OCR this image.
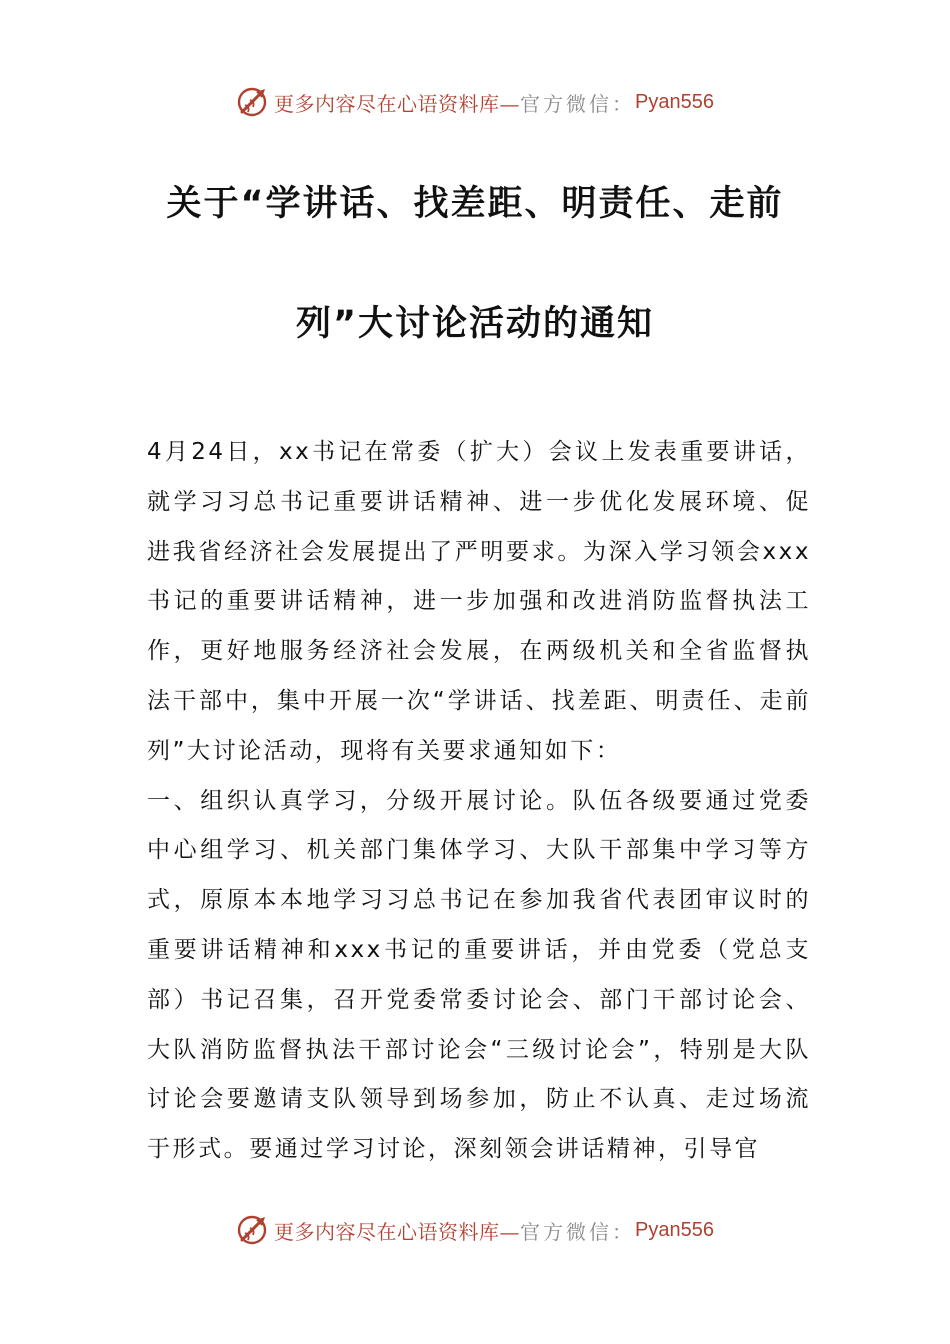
更多内容尽在心语资料库— 官方微信： Pyan556
关于“学讲话、找差距、明责任、走前
列”大讨论活动的通知

4月24日，xx书记在常委（扩大）会议上发表重要讲话，就学习习总书记重要讲话精神、进一步优化发展环境、促进我省经济社会发展提出了严明要求。为深入学习领会xxx书记的重要讲话精神，进一步加强和改进消防监督执法工作，更好地服务经济社会发展，在两级机关和全省监督执法干部中，集中开展一次“学讲话、找差距、明责任、走前列”大讨论活动，现将有关要求通知如下：

一、组织认真学习，分级开展讨论。队伍各级要通过党委中心组学习、机关部门集体学习、大队干部集中学习等方式，原原本本地学习习总书记在参加我省代表团审议时的重要讲话精神和xxx书记的重要讲话，并由党委（党总支部）书记召集，召开党委常委讨论会、部门干部讨论会、大队消防监督执法干部讨论会“三级讨论会”，特别是大队讨论会要邀请支队领导到场参加，防止不认真、走过场流于形式。要通过学习讨论，深刻领会讲话精神，引导官

更多内容尽在心语资料库— 官方微信： Pyan556
